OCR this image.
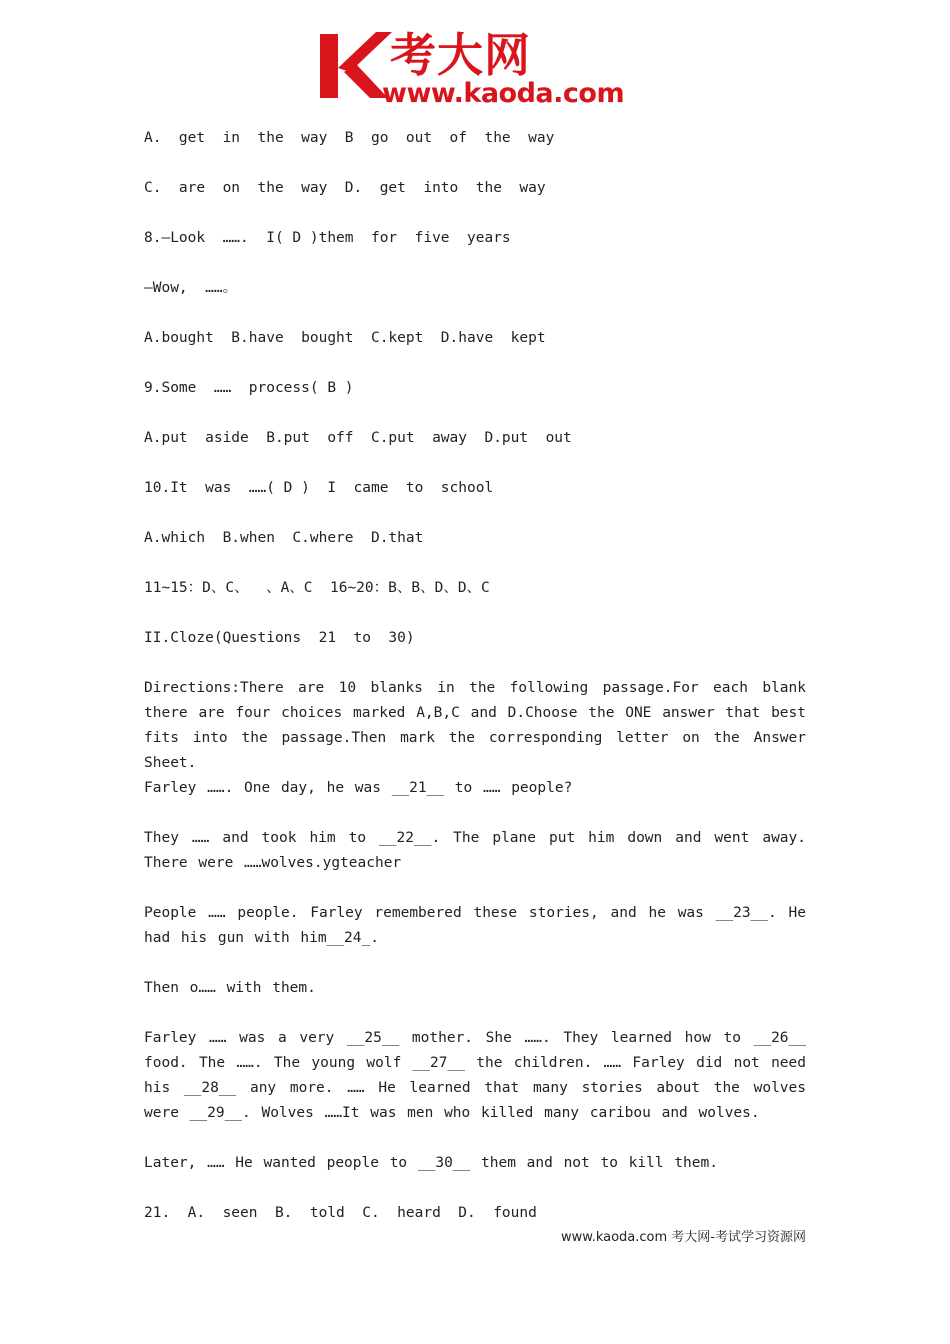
考大网
www.kaoda.com
A.  get  in  the  way  B  go  out  of  the  way
C.  are  on  the  way  D.  get  into  the  way
8.—Look  …….  I( D )them  for  five  years
—Wow,  ……。
A.bought  B.have  bought  C.kept  D.have  kept
9.Some  ……  process( B )
A.put  aside  B.put  off  C.put  away  D.put  out
10.It  was  ……( D )  I  came  to  school
A.which  B.when  C.where  D.that
11~15：D、C、  、A、C  16~20：B、B、D、D、C
II.Cloze(Questions  21  to  30)
Directions:There are 10 blanks in the following passage.For each blank there are four choices marked A,B,C and D.Choose the ONE answer that best fits into the passage.Then mark the corresponding letter on the Answer Sheet.
Farley ……. One day, he was __21__ to …… people?
They …… and took him to __22__. The plane put him down and went away. There were ……wolves.ygteacher
People …… people. Farley remembered these stories, and he was __23__. He had his gun with him__24_.
Then o…… with them.
Farley …… was a very __25__ mother. She ……. They learned how to __26__ food. The ……. The young wolf __27__ the children. …… Farley did not need his __28__ any more. …… He learned that many stories about the wolves were __29__. Wolves ……It was men who killed many caribou and wolves.
Later, …… He wanted people to __30__ them and not to kill them.
21.  A.  seen  B.  told  C.  heard  D.  found
www.kaoda.com 考大网-考试学习资源网
